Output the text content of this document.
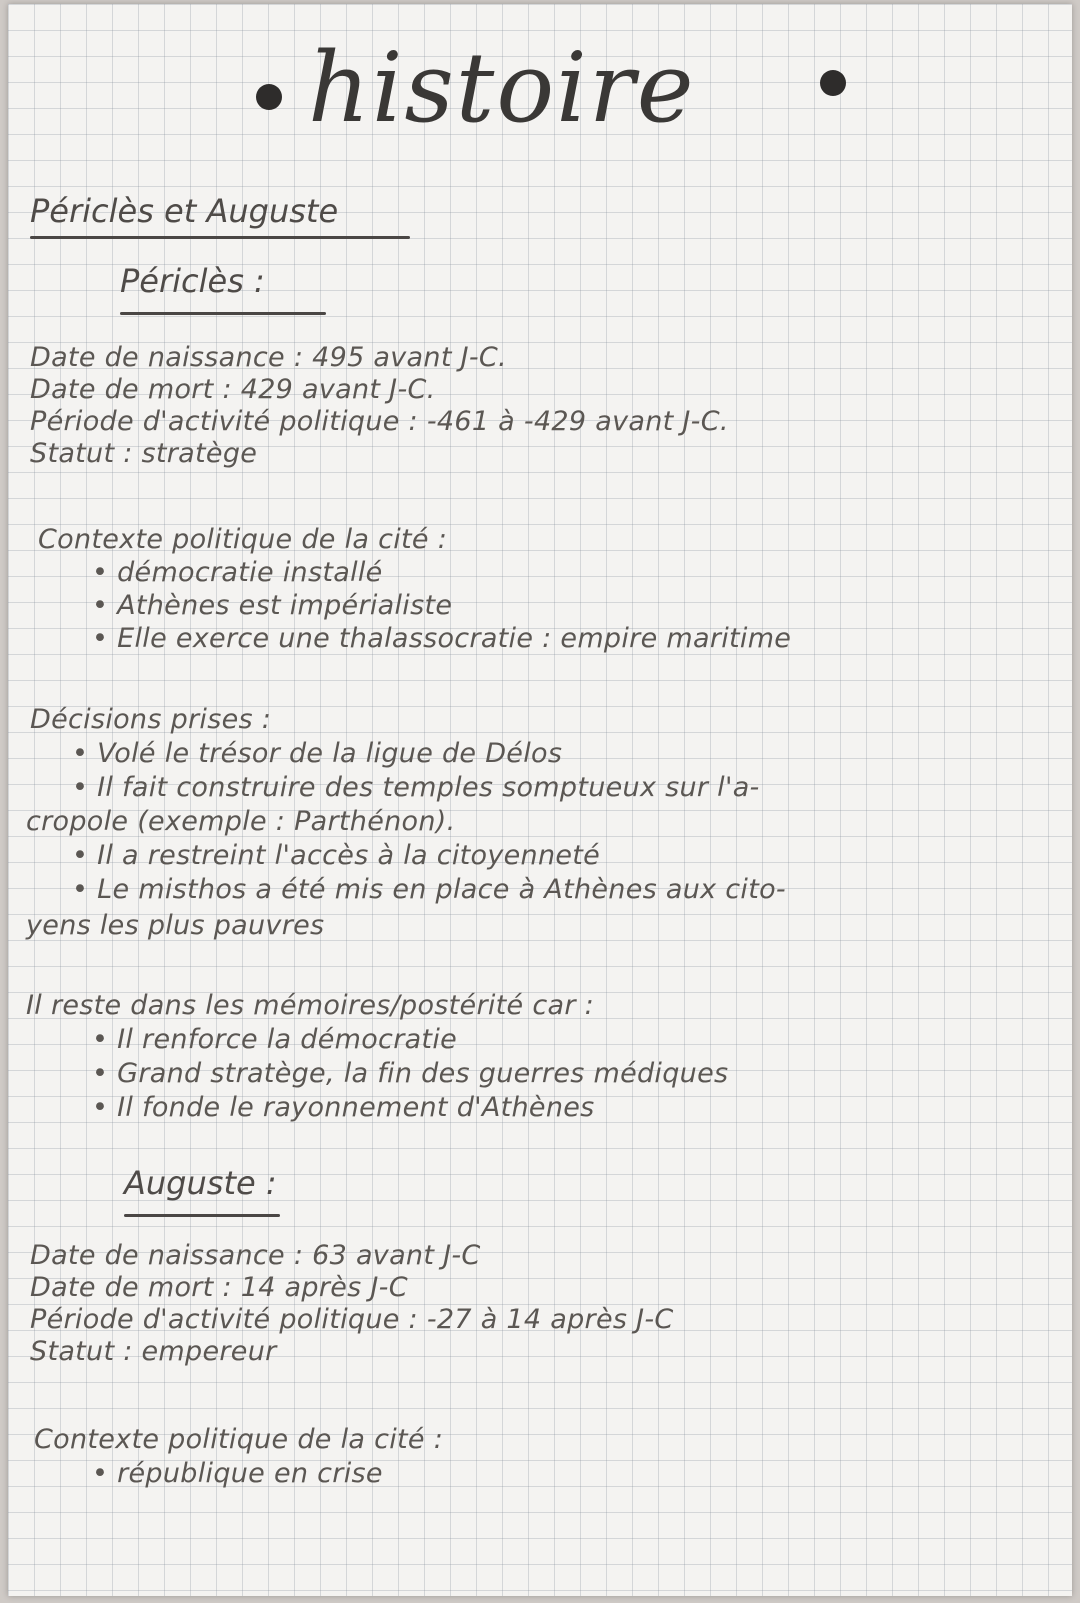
histoire
Périclès et Auguste
Périclès :
Date de naissance : 495 avant J-C.
Date de mort : 429 avant J-C.
Période d'activité politique : -461 à -429 avant J-C.
Statut : stratège
Contexte politique de la cité :
• démocratie installé
• Athènes est impérialiste
• Elle exerce une thalassocratie : empire maritime
Décisions prises :
• Volé le trésor de la ligue de Délos
• Il fait construire des temples somptueux sur l'a-
cropole (exemple : Parthénon).
• Il a restreint l'accès à la citoyenneté
• Le misthos a été mis en place à Athènes aux cito-
yens les plus pauvres
Il reste dans les mémoires/postérité car :
• Il renforce la démocratie
• Grand stratège, la fin des guerres médiques
• Il fonde le rayonnement d'Athènes
Auguste :
Date de naissance : 63 avant J-C
Date de mort : 14 après J-C
Période d'activité politique : -27 à 14 après J-C
Statut : empereur
Contexte politique de la cité :
• république en crise
